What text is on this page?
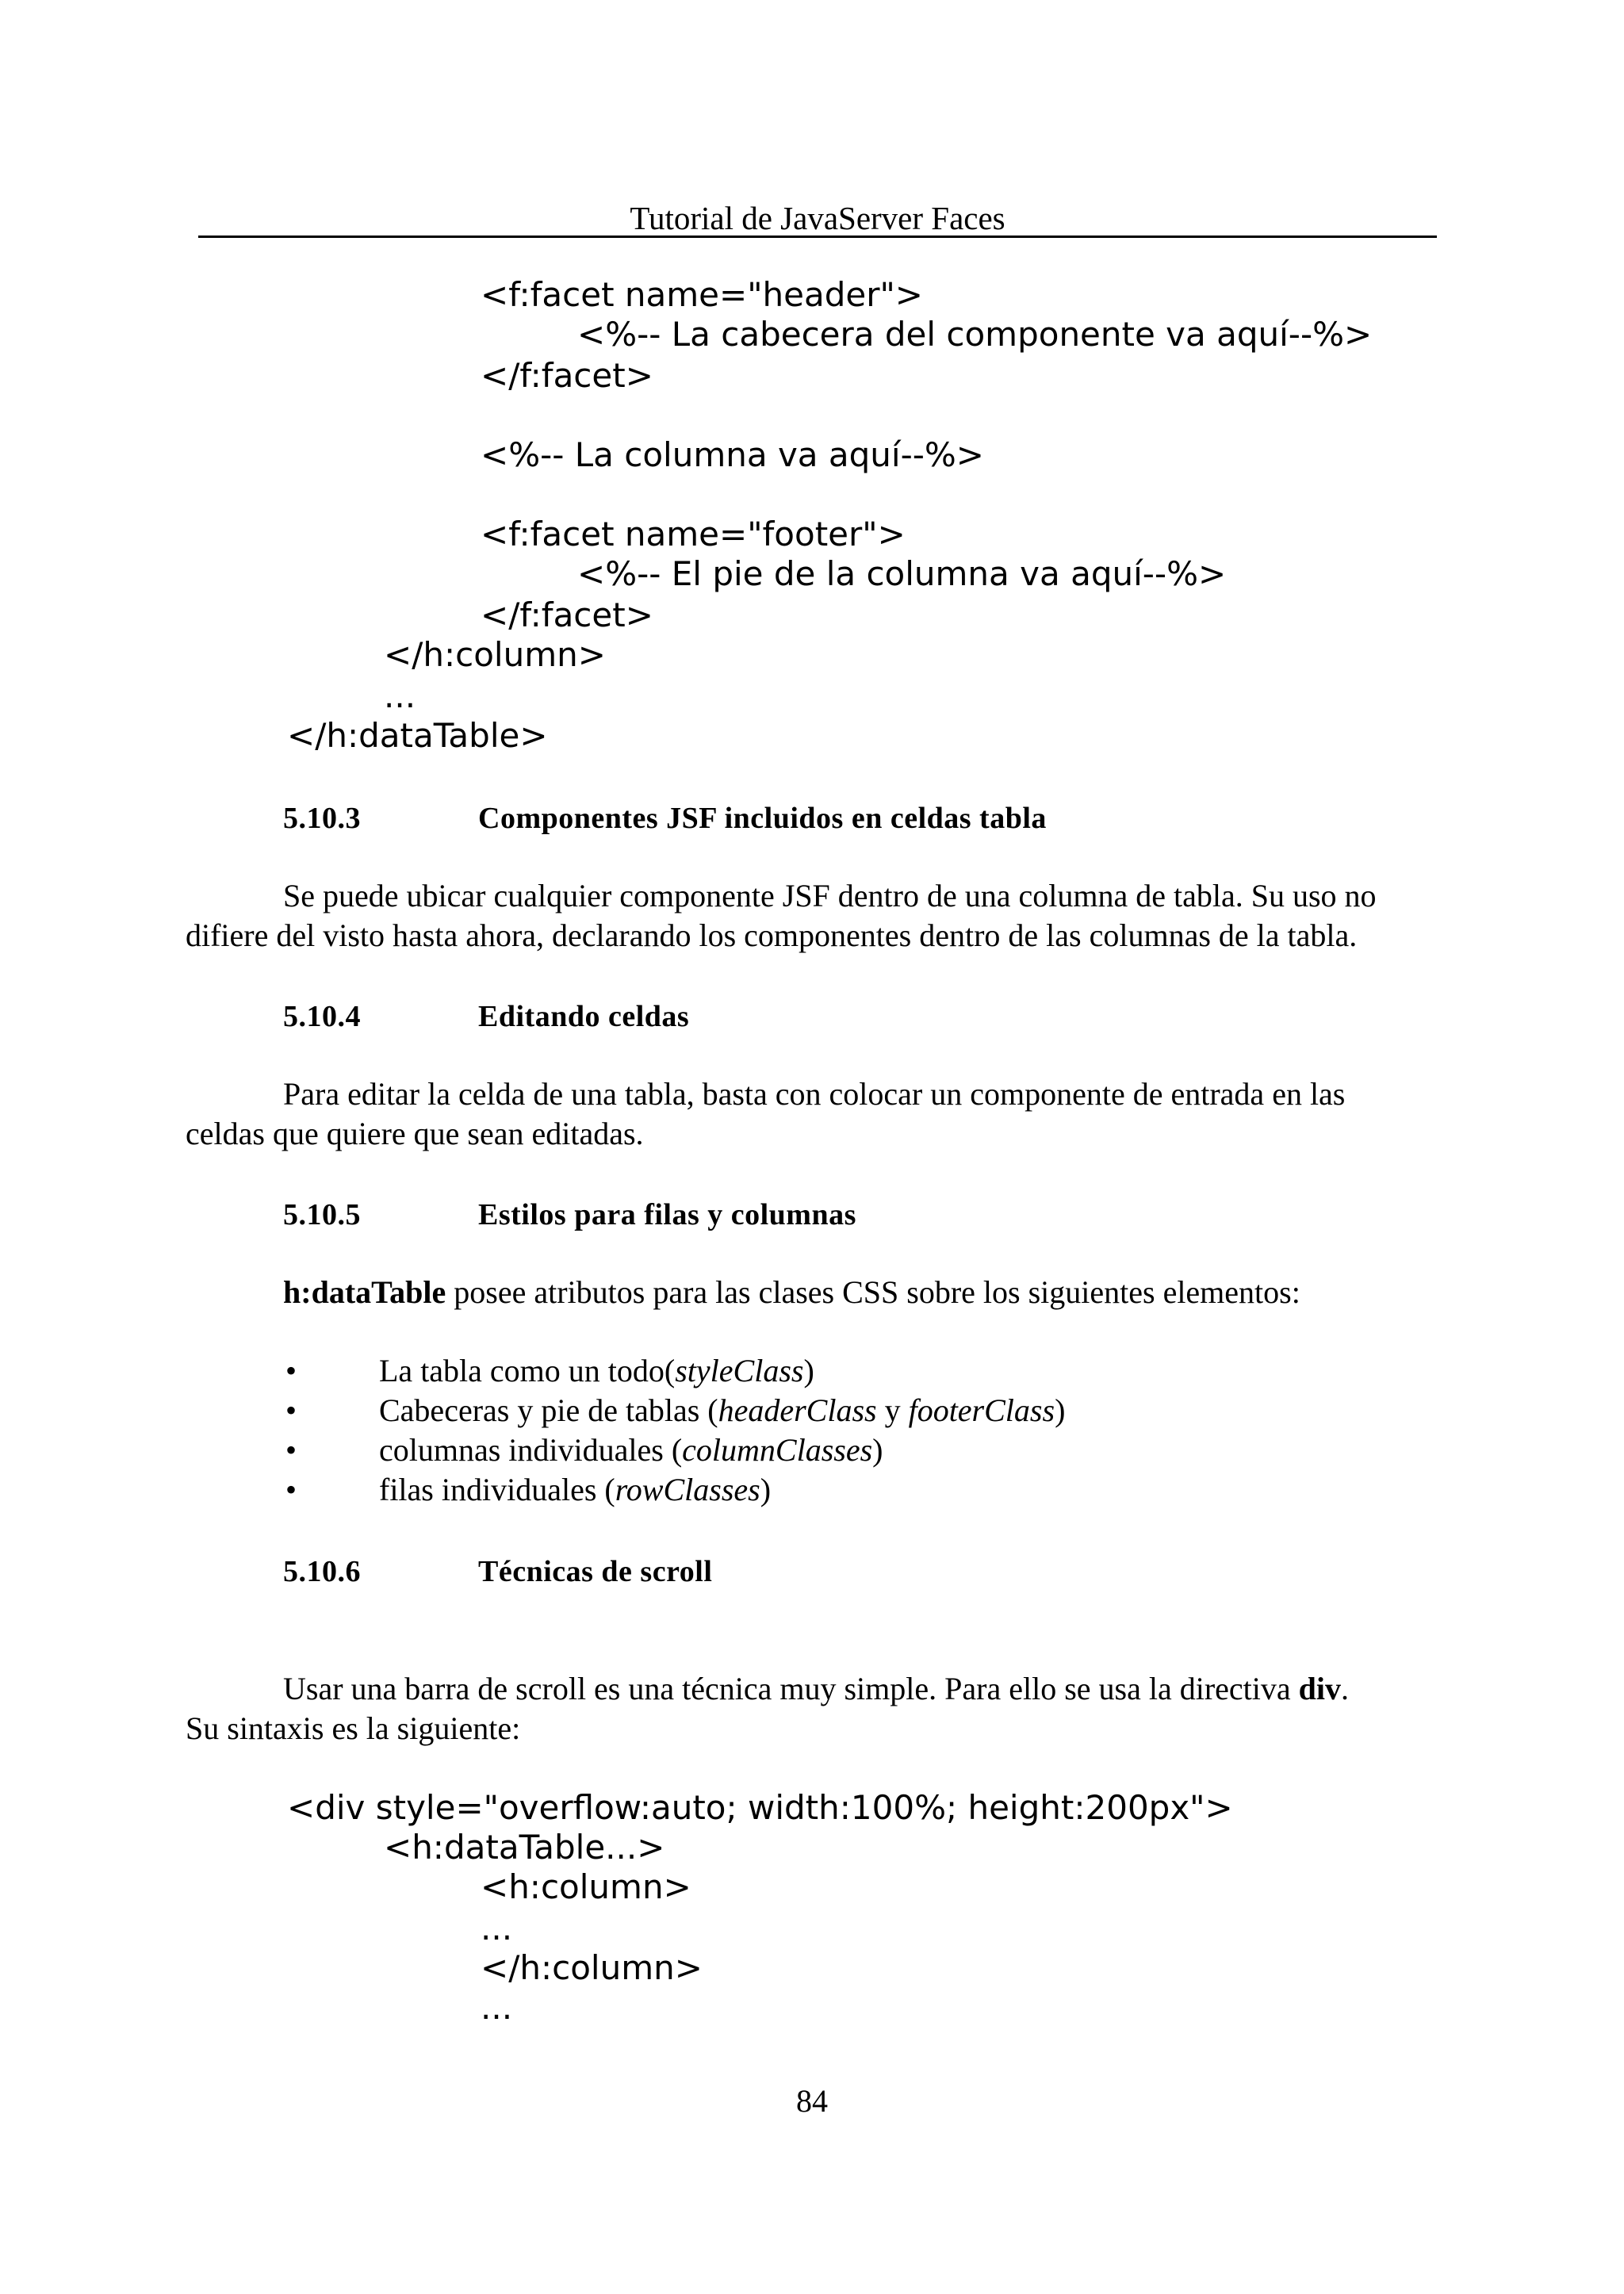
Tutorial de JavaServer Faces
<f:facet name="header">
<%-- La cabecera del componente va aquí--%>
</f:facet>
<%-- La columna va aquí--%>
<f:facet name="footer">
<%-- El pie de la columna va aquí--%>
</f:facet>
</h:column>
...
</h:dataTable>
5.10.3	Componentes JSF incluidos en celdas tabla
Se puede ubicar cualquier componente JSF dentro de una columna de tabla. Su uso no
difiere del visto hasta ahora, declarando los componentes dentro de las columnas de la tabla.
5.10.4	Editando celdas
Para editar la celda de una tabla, basta con colocar un componente de entrada en las
celdas que quiere que sean editadas.
5.10.5	Estilos para filas y columnas
h:dataTable posee atributos para las clases CSS sobre los siguientes elementos:
•	La tabla como un todo(styleClass)
•	Cabeceras y pie de tablas (headerClass y footerClass)
•	columnas individuales (columnClasses)
•	filas individuales (rowClasses)
5.10.6	Técnicas de scroll
Usar una barra de scroll es una técnica muy simple. Para ello se usa la directiva div.
Su sintaxis es la siguiente:
<div style="overflow:auto; width:100%; height:200px">
<h:dataTable...>
<h:column>
...
</h:column>
...
84
